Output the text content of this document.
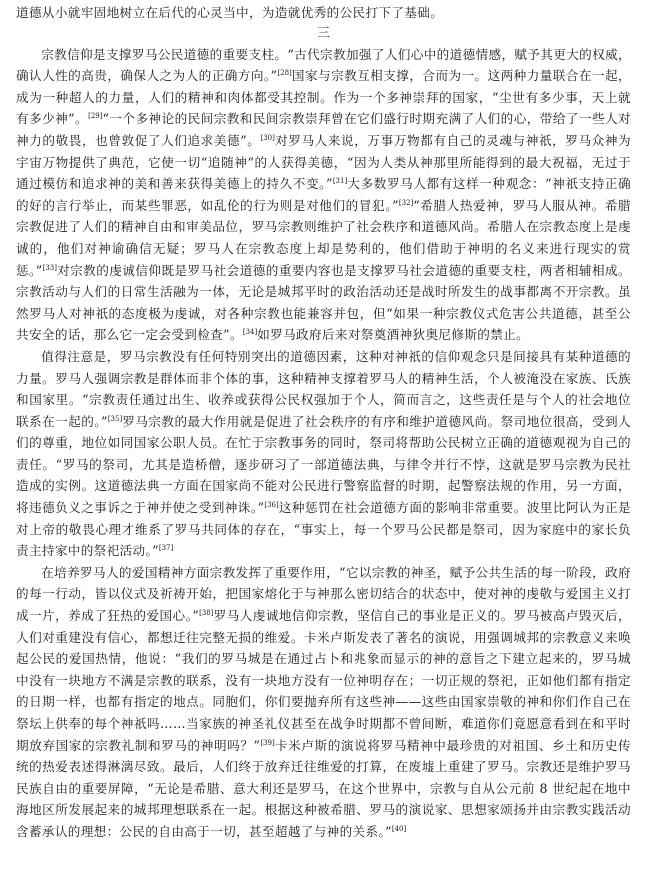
道德从小就牢固地树立在后代的心灵当中，为造就优秀的公民打下了基础。

三

宗教信仰是支撑罗马公民道德的重要支柱。“古代宗教加强了人们心中的道德情感，赋予其更大的权威，确认人性的高贵，确保人之为人的正确方向。”[28]国家与宗教互相支撑，合而为一。这两种力量联合在一起，成为一种超人的力量，人们的精神和肉体都受其控制。作为一个多神崇拜的国家，“尘世有多少事，天上就有多少神”。[29]“一个多神论的民间宗教和民间宗教崇拜曾在它们盛行时期充满了人们的心，带给了一些人对神力的敬畏，也曾敦促了人们追求美德”。[30]对罗马人来说，万事万物都有自己的灵魂与神祇，罗马众神为宇宙万物提供了典范，它使一切“追随神”的人获得美德，“因为人类从神那里所能得到的最大祝福，无过于通过模仿和追求神的美和善来获得美德上的持久不变。”[31]大多数罗马人都有这样一种观念：“神祇支持正确的好的言行举止，而某些罪恶，如乱伦的行为则是对他们的冒犯。”[32]“希腊人热爱神，罗马人服从神。希腊宗教促进了人们的精神自由和审美品位，罗马宗教则维护了社会秩序和道德风尚。希腊人在宗教态度上是虔诚的，他们对神谕确信无疑；罗马人在宗教态度上却是势利的，他们借助于神明的名义来进行现实的赏惩。”[33]对宗教的虔诚信仰既是罗马社会道德的重要内容也是支撑罗马社会道德的重要支柱，两者相辅相成。宗教活动与人们的日常生活融为一体，无论是城邦平时的政治活动还是战时所发生的战事都离不开宗教。虽然罗马人对神祇的态度极为虔诚，对各种宗教也能兼容并包，但“如果一种宗教仪式危害公共道德，甚至公共安全的话，那么它一定会受到检查”。[34]如罗马政府后来对祭奠酒神狄奥尼修斯的禁止。

值得注意是，罗马宗教没有任何特别突出的道德因素，这种对神祇的信仰观念只是间接具有某种道德的力量。罗马人强调宗教是群体而非个体的事，这种精神支撑着罗马人的精神生活，个人被淹没在家族、氏族和国家里。“宗教责任通过出生、收养或获得公民权强加于个人，简而言之，这些责任是与个人的社会地位联系在一起的。”[35]罗马宗教的最大作用就是促进了社会秩序的有序和维护道德风尚。祭司地位很高，受到人们的尊重，地位如同国家公职人员。在忙于宗教事务的同时，祭司将帮助公民树立正确的道德观视为自己的责任。“罗马的祭司，尤其是造桥僧，逐步研习了一部道德法典，与律令并行不悖，这就是罗马宗教为民社造成的实例。这道德法典一方面在国家尚不能对公民进行警察监督的时期，起警察法规的作用，另一方面，将违德负义之事诉之于神并使之受到神诛。”[36]这种惩罚在社会道德方面的影响非常重要。波里比阿认为正是对上帝的敬畏心理才维系了罗马共同体的存在，“事实上，每一个罗马公民都是祭司，因为家庭中的家长负责主持家中的祭祀活动。”[37]

在培养罗马人的爱国精神方面宗教发挥了重要作用，“它以宗教的神圣，赋予公共生活的每一阶段，政府的每一行动，皆以仪式及祈祷开始，把国家熔化于与神那么密切结合的状态中，使对神的虔敬与爱国主义打成一片，养成了狂热的爱国心。”[38]罗马人虔诚地信仰宗教，坚信自己的事业是正义的。罗马被高卢毁灭后，人们对重建没有信心，都想迁往完整无损的维爱。卡米卢斯发表了著名的演说，用强调城邦的宗教意义来唤起公民的爱国热情，他说：“我们的罗马城是在通过占卜和兆象而显示的神的意旨之下建立起来的，罗马城中没有一块地方不满是宗教的联系，没有一块地方没有一位神明存在；一切正规的祭祀，正如他们都有指定的日期一样，也都有指定的地点。同胞们，你们要抛弃所有这些神——这些由国家崇敬的神和你们作自己在祭坛上供奉的每个神祇吗……当家族的神圣礼仪甚至在战争时期都不曾间断，难道你们竟愿意看到在和平时期放弃国家的宗教礼制和罗马的神明吗？”[39]卡米卢斯的演说将罗马精神中最珍贵的对祖国、乡土和历史传统的热爱表述得淋漓尽致。最后，人们终于放弃迁往维爱的打算，在废墟上重建了罗马。宗教还是维护罗马民族自由的重要屏障，“无论是希腊、意大利还是罗马，在这个世界中，宗教与自从公元前 8 世纪起在地中海地区所发展起来的城邦理想联系在一起。根据这种被希腊、罗马的演说家、思想家颂扬并由宗教实践活动含蓄承认的理想：公民的自由高于一切，甚至超越了与神的关系。”[40]
